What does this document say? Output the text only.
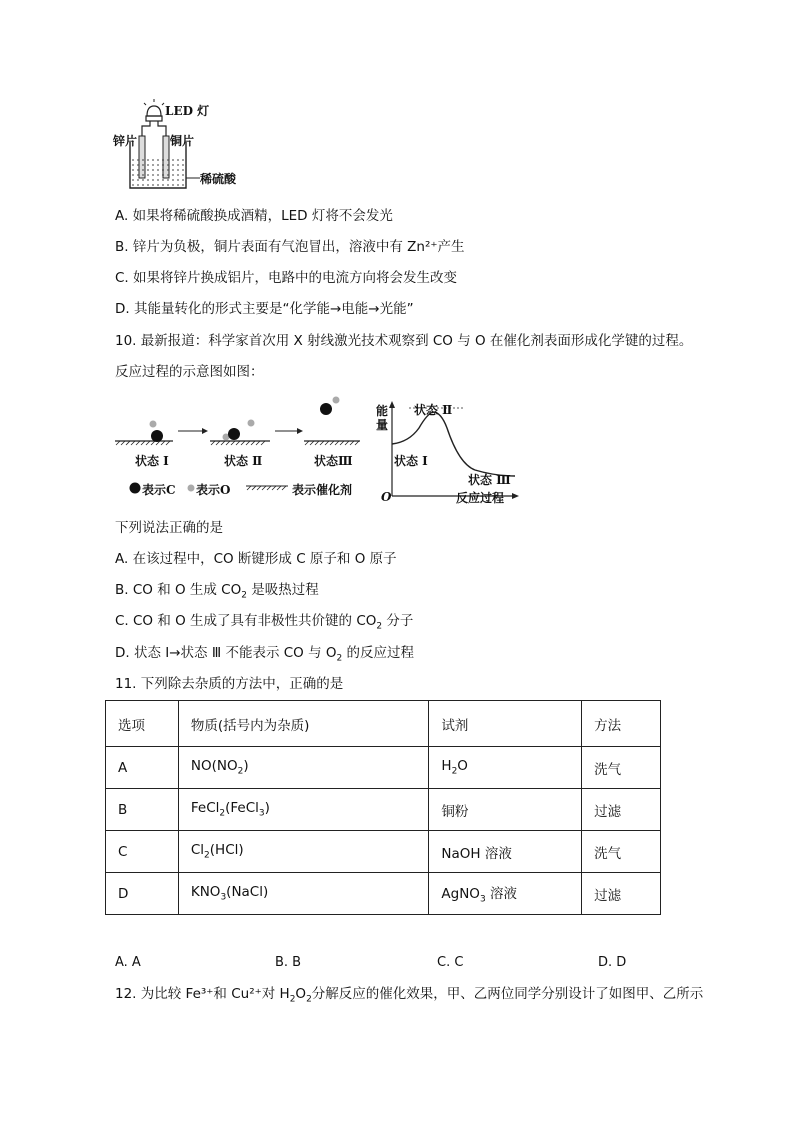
LED 灯
锌片	铜片
稀硫酸
A. 如果将稀硫酸换成酒精，LED 灯将不会发光
B. 锌片为负极，铜片表面有气泡冒出，溶液中有 Zn²⁺产生
C. 如果将锌片换成铝片，电路中的电流方向将会发生改变
D. 其能量转化的形式主要是“化学能→电能→光能”
10. 最新报道：科学家首次用 X 射线激光技术观察到 CO 与 O 在催化剂表面形成化学键的过程。
反应过程的示意图如图：
状态 Ⅰ	状态 Ⅱ	状态Ⅲ
表示C 表示O	表示催化剂
能
量
状态 Ⅱ
状态 Ⅰ
状态 Ⅲ
O	反应过程
下列说法正确的是
A. 在该过程中，CO 断键形成 C 原子和 O 原子
B. CO 和 O 生成 $CO_2$ 是吸热过程
C. CO 和 O 生成了具有非极性共价键的 $CO_2$ 分子
D. 状态 Ⅰ→状态 Ⅲ 不能表示 CO 与 $O_2$ 的反应过程
11. 下列除去杂质的方法中，正确的是
选项	物质(括号内为杂质)	试剂	方法
A	$NO(NO_2)$	$H_2O$	洗气
B	FeCl$_2$(FeCl$_3$)	铜粉	过滤
C	$Cl_2(HCl)$	NaOH 溶液	洗气
D	$KNO_3(NaCl)$	AgNO$_3$ 溶液	过滤
A. A	B. B	C. C	D. D
12. 为比较 Fe³⁺和 Cu²⁺对 $H_2O_2$分解反应的催化效果，甲、乙两位同学分别设计了如图甲、乙所示
